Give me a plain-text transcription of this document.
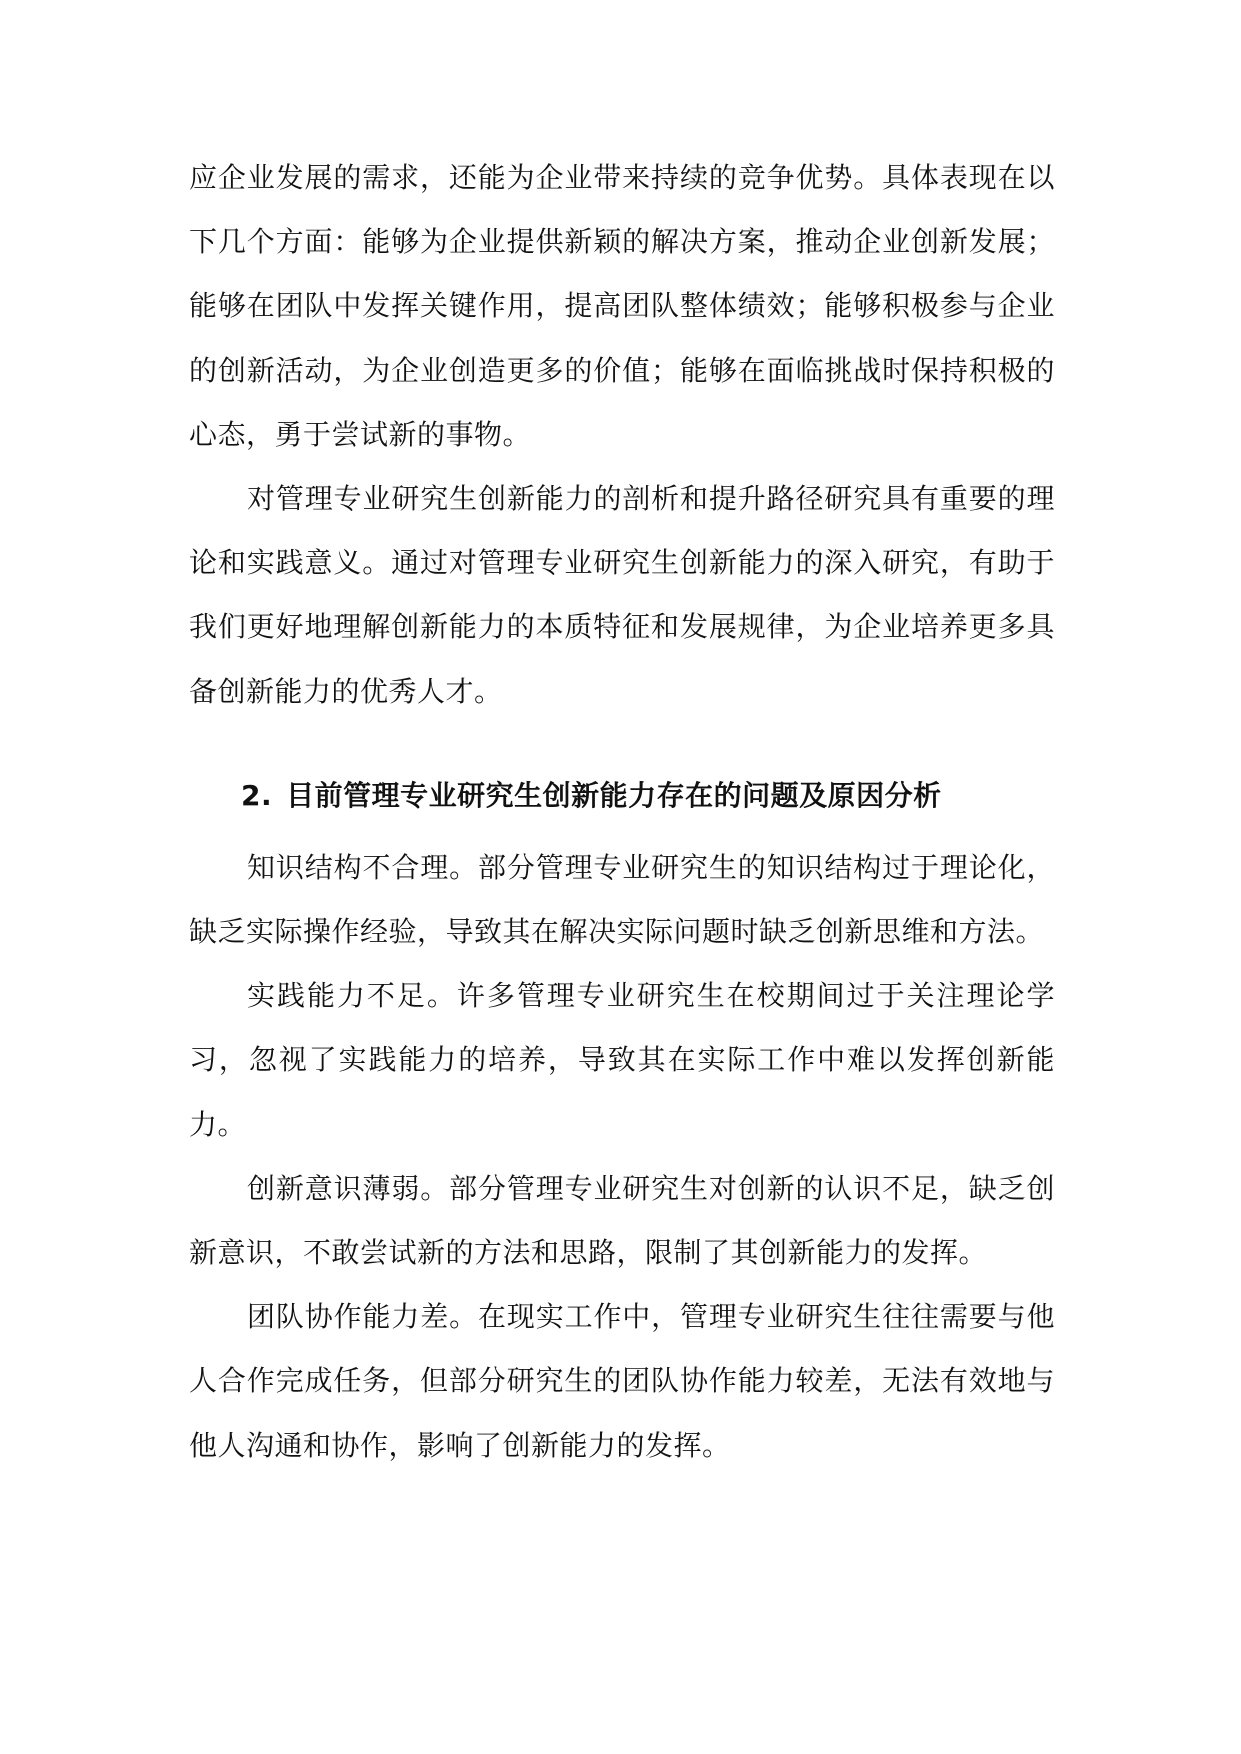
应企业发展的需求，还能为企业带来持续的竞争优势。具体表现在以下几个方面：能够为企业提供新颖的解决方案，推动企业创新发展；能够在团队中发挥关键作用，提高团队整体绩效；能够积极参与企业的创新活动，为企业创造更多的价值；能够在面临挑战时保持积极的心态，勇于尝试新的事物。

对管理专业研究生创新能力的剖析和提升路径研究具有重要的理论和实践意义。通过对管理专业研究生创新能力的深入研究，有助于我们更好地理解创新能力的本质特征和发展规律，为企业培养更多具备创新能力的优秀人才。

2. 目前管理专业研究生创新能力存在的问题及原因分析

知识结构不合理。部分管理专业研究生的知识结构过于理论化，缺乏实际操作经验，导致其在解决实际问题时缺乏创新思维和方法。

实践能力不足。许多管理专业研究生在校期间过于关注理论学习，忽视了实践能力的培养，导致其在实际工作中难以发挥创新能力。

创新意识薄弱。部分管理专业研究生对创新的认识不足，缺乏创新意识，不敢尝试新的方法和思路，限制了其创新能力的发挥。

团队协作能力差。在现实工作中，管理专业研究生往往需要与他人合作完成任务，但部分研究生的团队协作能力较差，无法有效地与他人沟通和协作，影响了创新能力的发挥。
